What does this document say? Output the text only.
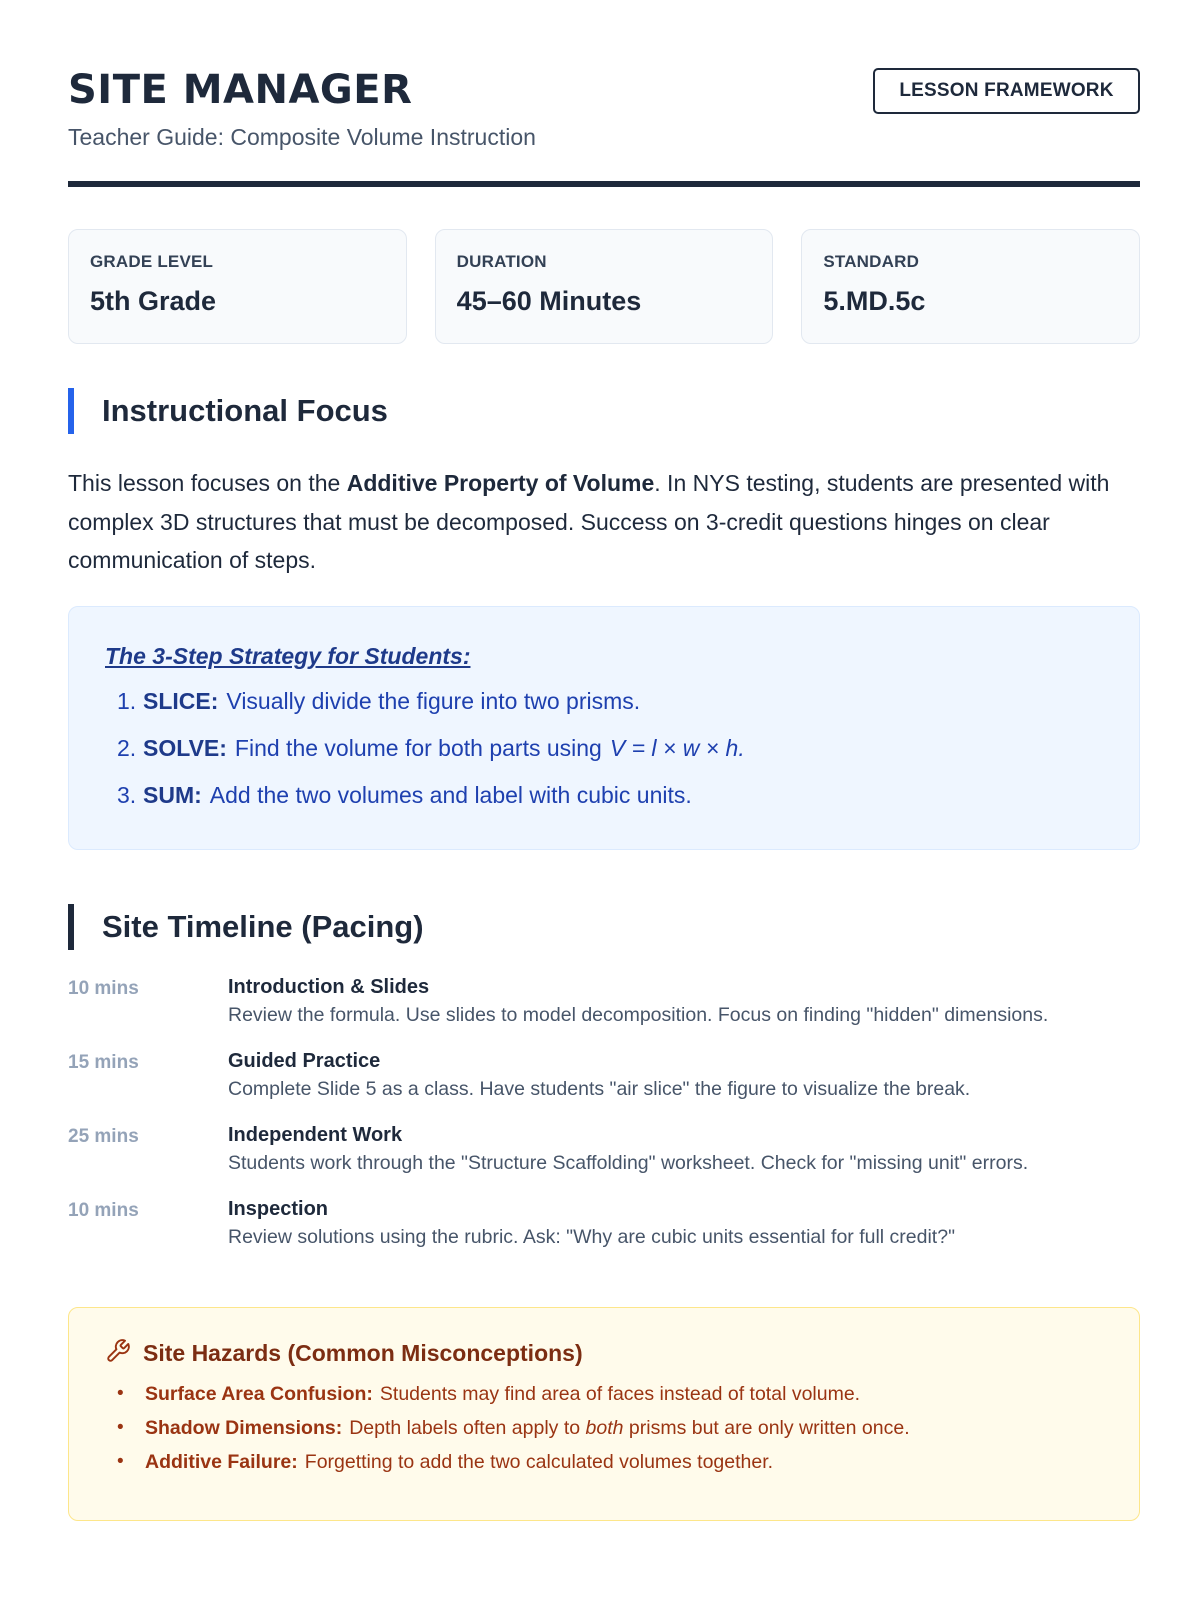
SITE MANAGER
Teacher Guide: Composite Volume Instruction
LESSON FRAMEWORK
GRADE LEVEL
5th Grade
DURATION
45–60 Minutes
STANDARD
5.MD.5c
Instructional Focus

This lesson focuses on the Additive Property of Volume. In NYS testing, students are presented with complex 3D structures that must be decomposed. Success on 3-credit questions hinges on clear communication of steps.

The 3-Step Strategy for Students:
1. SLICE: Visually divide the figure into two prisms.
2. SOLVE: Find the volume for both parts using V = l × w × h.
3. SUM: Add the two volumes and label with cubic units.
Site Timeline (Pacing)
10 mins	Introduction & Slides
Review the formula. Use slides to model decomposition. Focus on finding "hidden" dimensions.
15 mins	Guided Practice
Complete Slide 5 as a class. Have students "air slice" the figure to visualize the break.
25 mins	Independent Work
Students work through the "Structure Scaffolding" worksheet. Check for "missing unit" errors.
10 mins	Inspection
Review solutions using the rubric. Ask: "Why are cubic units essential for full credit?"
Site Hazards (Common Misconceptions)
•	Surface Area Confusion: Students may find area of faces instead of total volume.
•	Shadow Dimensions: Depth labels often apply to both prisms but are only written once.
•	Additive Failure: Forgetting to add the two calculated volumes together.
